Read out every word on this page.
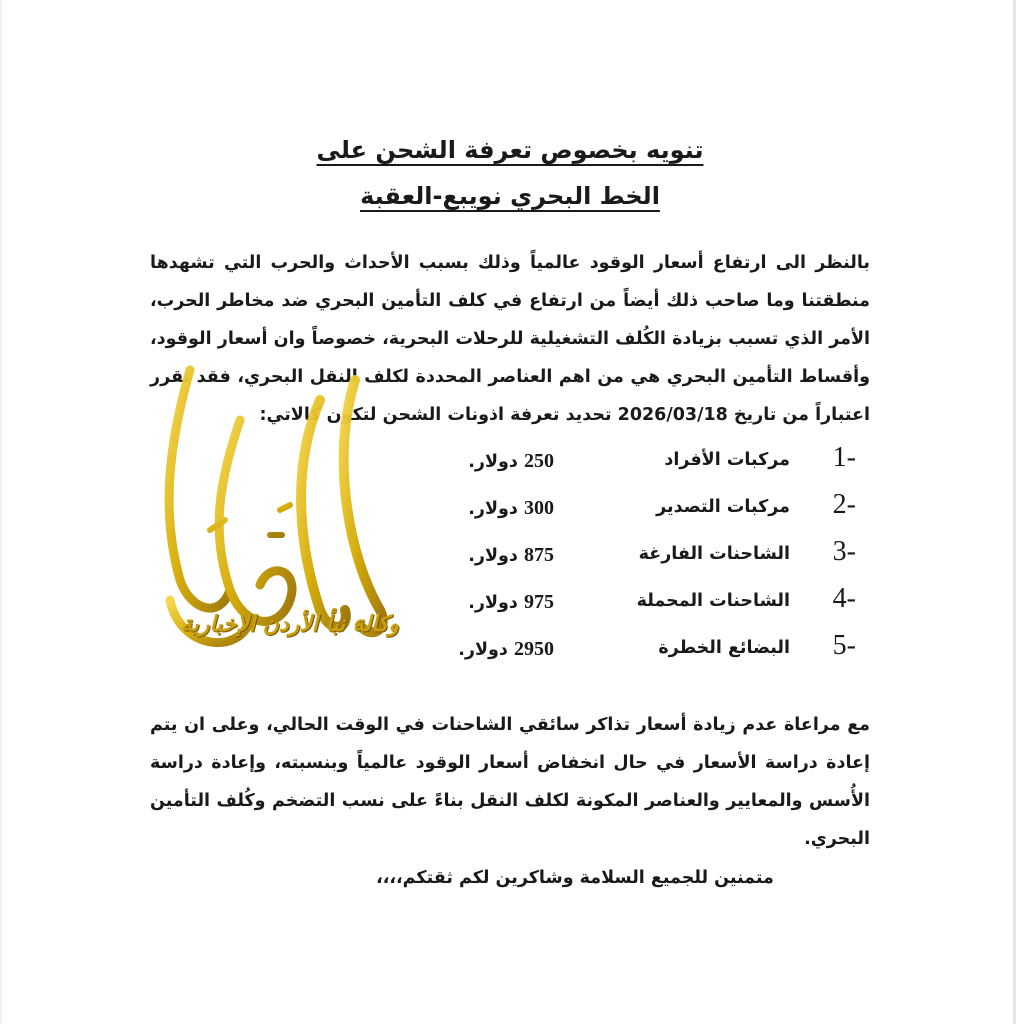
تنويه بخصوص تعرفة الشحن على
الخط البحري نويبع-العقبة
بالنظر الى ارتفاع أسعار الوقود عالمياً وذلك بسبب الأحداث والحرب التي تشهدها منطقتنا وما صاحب ذلك أيضاً من ارتفاع في كلف التأمين البحري ضد مخاطر الحرب، الأمر الذي تسبب بزيادة الكُلف التشغيلية للرحلات البحرية، خصوصاً وان أسعار الوقود، وأقساط التأمين البحري هي من اهم العناصر المحددة لكلف النقل البحري، فقد تقرر اعتباراً من تاريخ 2026/03/18 تحديد تعرفة اذونات الشحن لتكون كالاتي:
1-
مركبات الأفراد
250 دولار.
2-
مركبات التصدير
300 دولار.
3-
الشاحنات الفارغة
875 دولار.
4-
الشاحنات المحملة
975 دولار.
5-
البضائع الخطرة
2950 دولار.
مع مراعاة عدم زيادة أسعار تذاكر سائقي الشاحنات في الوقت الحالي، وعلى ان يتم إعادة دراسة الأسعار في حال انخفاض أسعار الوقود عالمياً وبنسبته، وإعادة دراسة الأُسس والمعايير والعناصر المكونة لكلف النقل بناءً على نسب التضخم وكُلف التأمين البحري.
متمنين للجميع السلامة وشاكرين لكم ثقتكم،،،،
وكالة نبأ الأردن الإخبارية
